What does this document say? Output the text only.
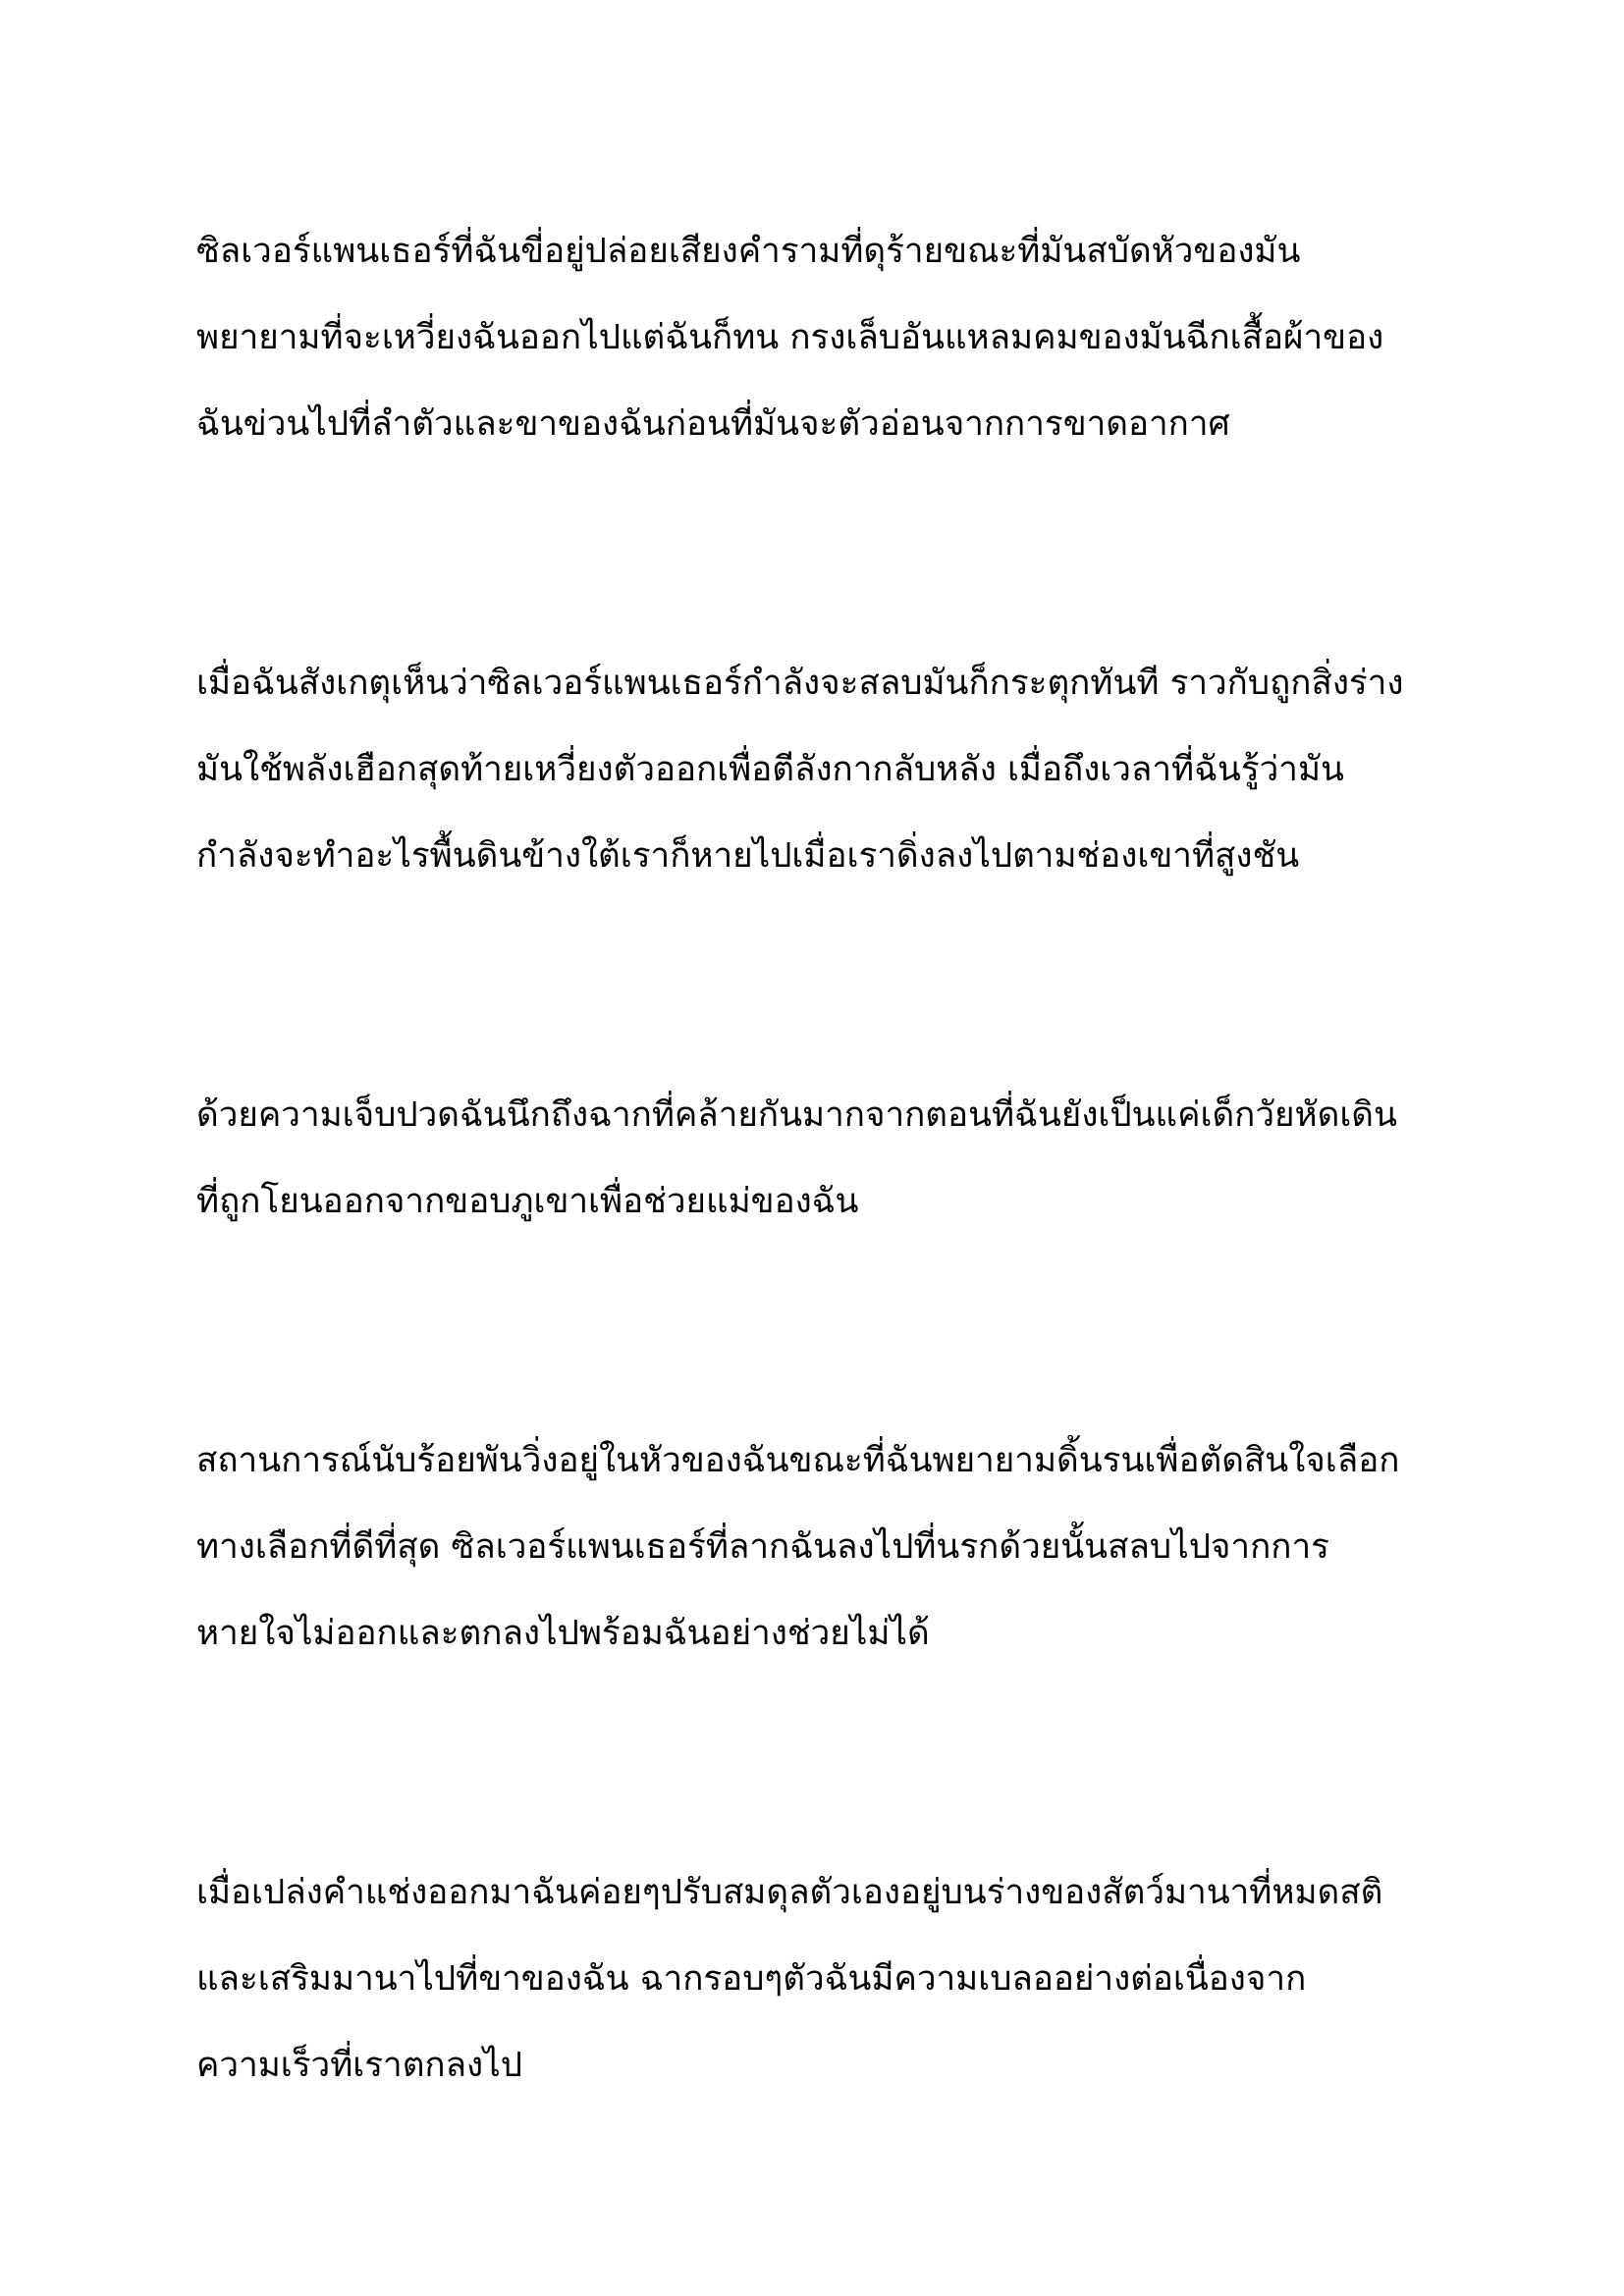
ซิลเวอร์แพนเธอร์ที่ฉันขี่อยู่ปล่อยเสียงคำรามที่ดุร้ายขณะที่มันสบัดหัวของมัน
พยายามที่จะเหวี่ยงฉันออกไปแต่ฉันก็ทน กรงเล็บอันแหลมคมของมันฉีกเสื้อผ้าของ
ฉันข่วนไปที่ลำตัวและขาของฉันก่อนที่มันจะตัวอ่อนจากการขาดอากาศ

เมื่อฉันสังเกตุเห็นว่าซิลเวอร์แพนเธอร์กำลังจะสลบมันก็กระตุกทันที ราวกับถูกสิ่งร่าง
มันใช้พลังเฮือกสุดท้ายเหวี่ยงตัวออกเพื่อตีลังกากลับหลัง เมื่อถึงเวลาที่ฉันรู้ว่ามัน
กำลังจะทำอะไรพื้นดินข้างใต้เราก็หายไปเมื่อเราดิ่งลงไปตามช่องเขาที่สูงชัน

ด้วยความเจ็บปวดฉันนึกถึงฉากที่คล้ายกันมากจากตอนที่ฉันยังเป็นแค่เด็กวัยหัดเดิน
ที่ถูกโยนออกจากขอบภูเขาเพื่อช่วยแม่ของฉัน

สถานการณ์นับร้อยพันวิ่งอยู่ในหัวของฉันขณะที่ฉันพยายามดิ้นรนเพื่อตัดสินใจเลือก
ทางเลือกที่ดีที่สุด ซิลเวอร์แพนเธอร์ที่ลากฉันลงไปที่นรกด้วยนั้นสลบไปจากการ
หายใจไม่ออกและตกลงไปพร้อมฉันอย่างช่วยไม่ได้

เมื่อเปล่งคำแช่งออกมาฉันค่อยๆปรับสมดุลตัวเองอยู่บนร่างของสัตว์มานาที่หมดสติ
และเสริมมานาไปที่ขาของฉัน ฉากรอบๆตัวฉันมีความเบลออย่างต่อเนื่องจาก
ความเร็วที่เราตกลงไป
